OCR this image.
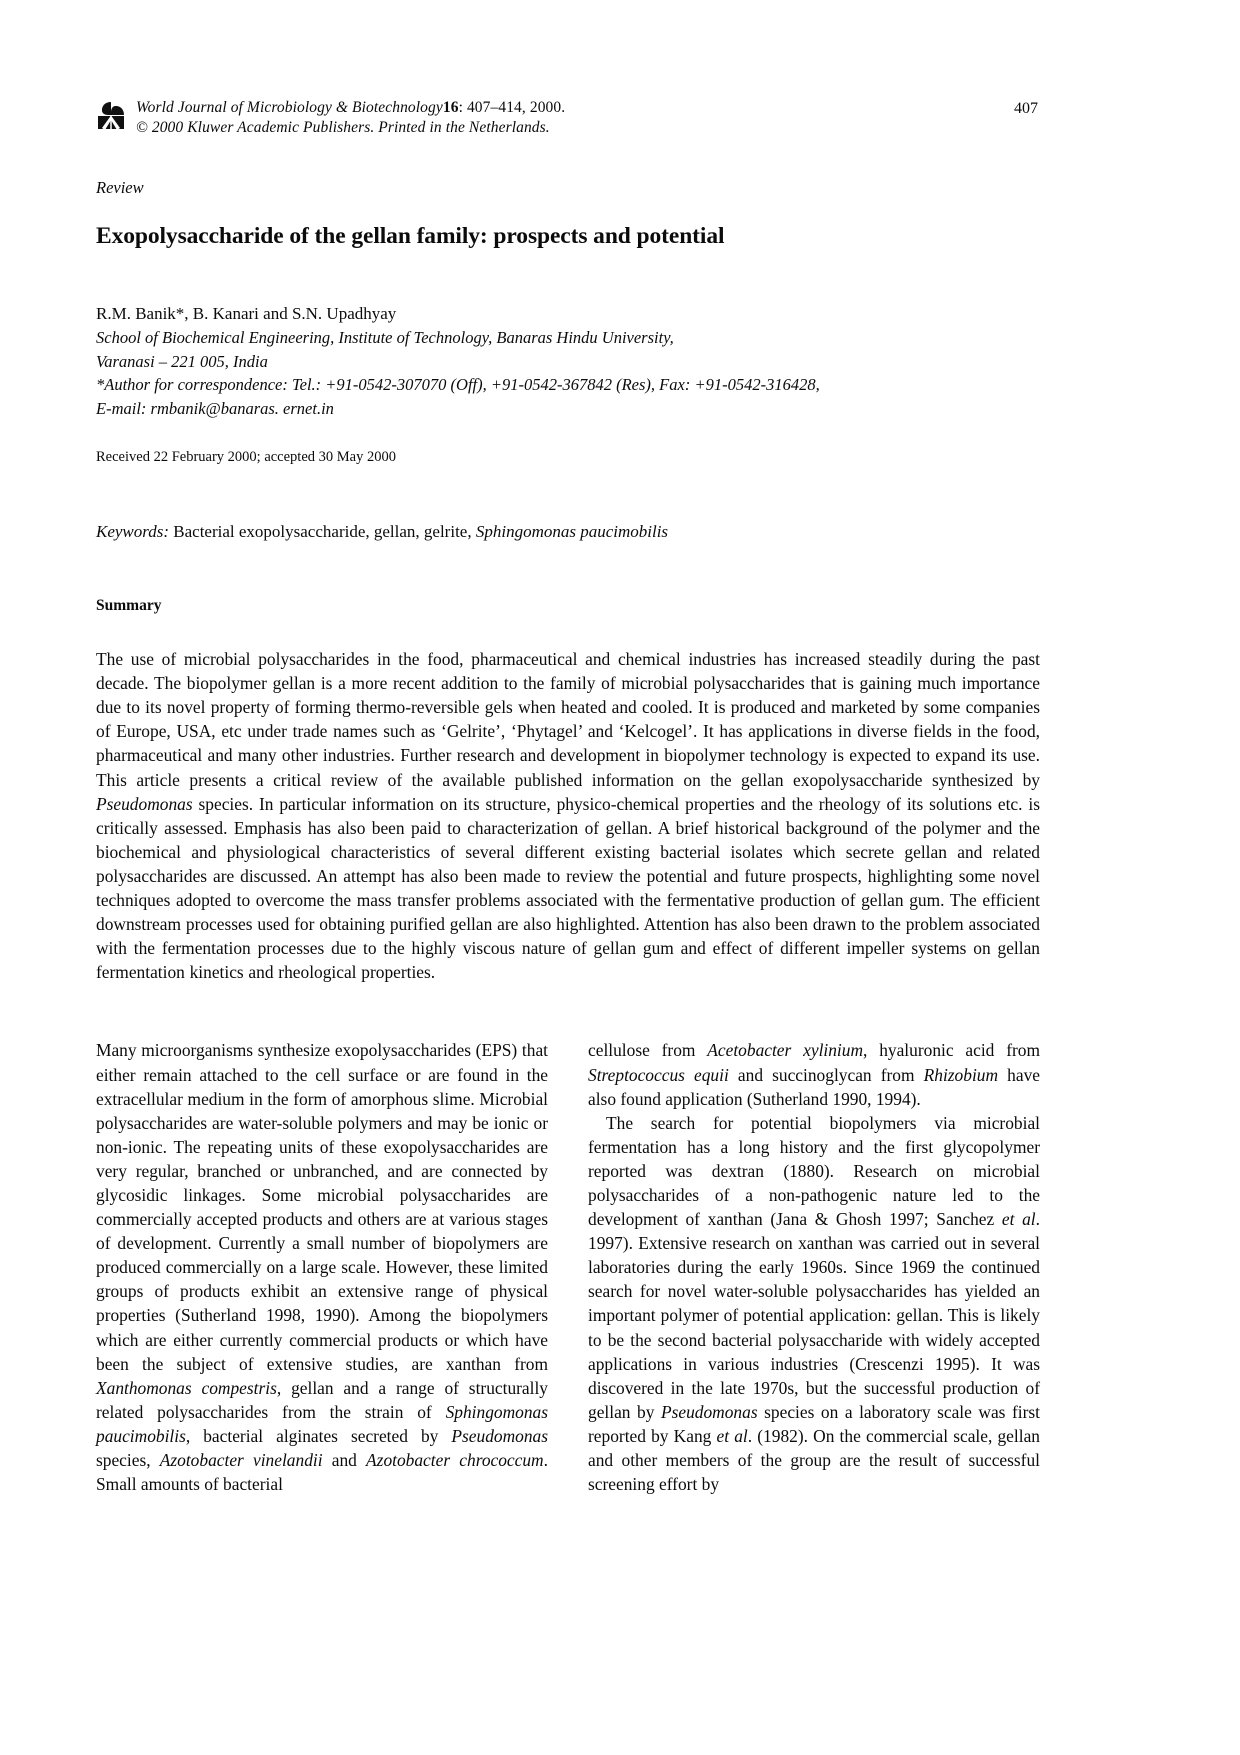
World Journal of Microbiology & Biotechnology16: 407–414, 2000.
© 2000 Kluwer Academic Publishers. Printed in the Netherlands.
407
Review
Exopolysaccharide of the gellan family: prospects and potential
R.M. Banik*, B. Kanari and S.N. Upadhyay
School of Biochemical Engineering, Institute of Technology, Banaras Hindu University,
Varanasi – 221 005, India
*Author for correspondence: Tel.: +91-0542-307070 (Off), +91-0542-367842 (Res), Fax: +91-0542-316428,
E-mail: rmbanik@banaras. ernet.in
Received 22 February 2000; accepted 30 May 2000
Keywords: Bacterial exopolysaccharide, gellan, gelrite, Sphingomonas paucimobilis
Summary
The use of microbial polysaccharides in the food, pharmaceutical and chemical industries has increased steadily during the past decade. The biopolymer gellan is a more recent addition to the family of microbial polysaccharides that is gaining much importance due to its novel property of forming thermo-reversible gels when heated and cooled. It is produced and marketed by some companies of Europe, USA, etc under trade names such as ‘Gelrite’, ‘Phytagel’ and ‘Kelcogel’. It has applications in diverse fields in the food, pharmaceutical and many other industries. Further research and development in biopolymer technology is expected to expand its use. This article presents a critical review of the available published information on the gellan exopolysaccharide synthesized by Pseudomonas species. In particular information on its structure, physico-chemical properties and the rheology of its solutions etc. is critically assessed. Emphasis has also been paid to characterization of gellan. A brief historical background of the polymer and the biochemical and physiological characteristics of several different existing bacterial isolates which secrete gellan and related polysaccharides are discussed. An attempt has also been made to review the potential and future prospects, highlighting some novel techniques adopted to overcome the mass transfer problems associated with the fermentative production of gellan gum. The efficient downstream processes used for obtaining purified gellan are also highlighted. Attention has also been drawn to the problem associated with the fermentation processes due to the highly viscous nature of gellan gum and effect of different impeller systems on gellan fermentation kinetics and rheological properties.

Many microorganisms synthesize exopolysaccharides (EPS) that either remain attached to the cell surface or are found in the extracellular medium in the form of amorphous slime. Microbial polysaccharides are water-soluble polymers and may be ionic or non-ionic. The repeating units of these exopolysaccharides are very regular, branched or unbranched, and are connected by glycosidic linkages. Some microbial polysaccharides are commercially accepted products and others are at various stages of development. Currently a small number of biopolymers are produced commercially on a large scale. However, these limited groups of products exhibit an extensive range of physical properties (Sutherland 1998, 1990). Among the biopolymers which are either currently commercial products or which have been the subject of extensive studies, are xanthan from Xanthomonas compestris, gellan and a range of structurally related polysaccharides from the strain of Sphingomonas paucimobilis, bacterial alginates secreted by Pseudomonas species, Azotobacter vinelandii and Azotobacter chrococcum. Small amounts of bacterial

cellulose from Acetobacter xylinium, hyaluronic acid from Streptococcus equii and succinoglycan from Rhizobium have also found application (Sutherland 1990, 1994).

The search for potential biopolymers via microbial fermentation has a long history and the first glycopolymer reported was dextran (1880). Research on microbial polysaccharides of a non-pathogenic nature led to the development of xanthan (Jana & Ghosh 1997; Sanchez et al. 1997). Extensive research on xanthan was carried out in several laboratories during the early 1960s. Since 1969 the continued search for novel water-soluble polysaccharides has yielded an important polymer of potential application: gellan. This is likely to be the second bacterial polysaccharide with widely accepted applications in various industries (Crescenzi 1995). It was discovered in the late 1970s, but the successful production of gellan by Pseudomonas species on a laboratory scale was first reported by Kang et al. (1982). On the commercial scale, gellan and other members of the group are the result of successful screening effort by
